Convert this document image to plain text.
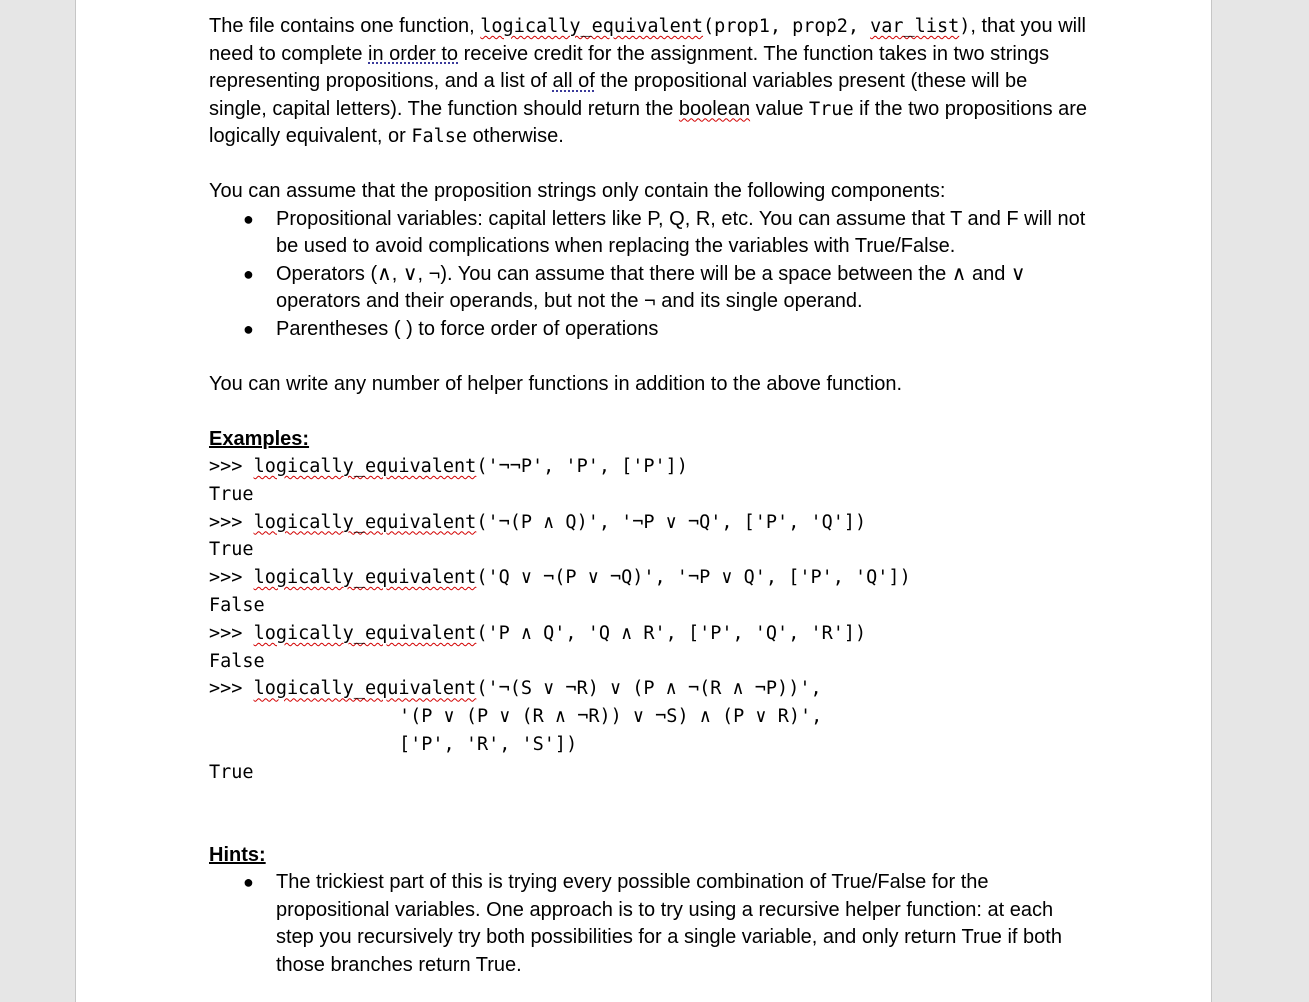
The file contains one function, logically_equivalent(prop1, prop2, var_list), that you will need to complete in order to receive credit for the assignment. The function takes in two strings representing propositions, and a list of all of the propositional variables present (these will be single, capital letters). The function should return the boolean value True if the two propositions are logically equivalent, or False otherwise.

You can assume that the proposition strings only contain the following components:

● Propositional variables: capital letters like P, Q, R, etc. You can assume that T and F will not be used to avoid complications when replacing the variables with True/False.
● Operators (∧, ∨, ¬). You can assume that there will be a space between the ∧ and ∨ operators and their operands, but not the ¬ and its single operand.
● Parentheses ( ) to force order of operations

You can write any number of helper functions in addition to the above function.

Examples:

>>> logically_equivalent('¬¬P', 'P', ['P'])
True
>>> logically_equivalent('¬(P ∧ Q)', '¬P ∨ ¬Q', ['P', 'Q'])
True
>>> logically_equivalent('Q ∨ ¬(P ∨ ¬Q)', '¬P ∨ Q', ['P', 'Q'])
False
>>> logically_equivalent('P ∧ Q', 'Q ∧ R', ['P', 'Q', 'R'])
False
>>> logically_equivalent('¬(S ∨ ¬R) ∨ (P ∧ ¬(R ∧ ¬P))',
'(P ∨ (P ∨ (R ∧ ¬R)) ∨ ¬S) ∧ (P ∨ R)',
['P', 'R', 'S'])
True

Hints:

● The trickiest part of this is trying every possible combination of True/False for the propositional variables. One approach is to try using a recursive helper function: at each step you recursively try both possibilities for a single variable, and only return True if both those branches return True.
